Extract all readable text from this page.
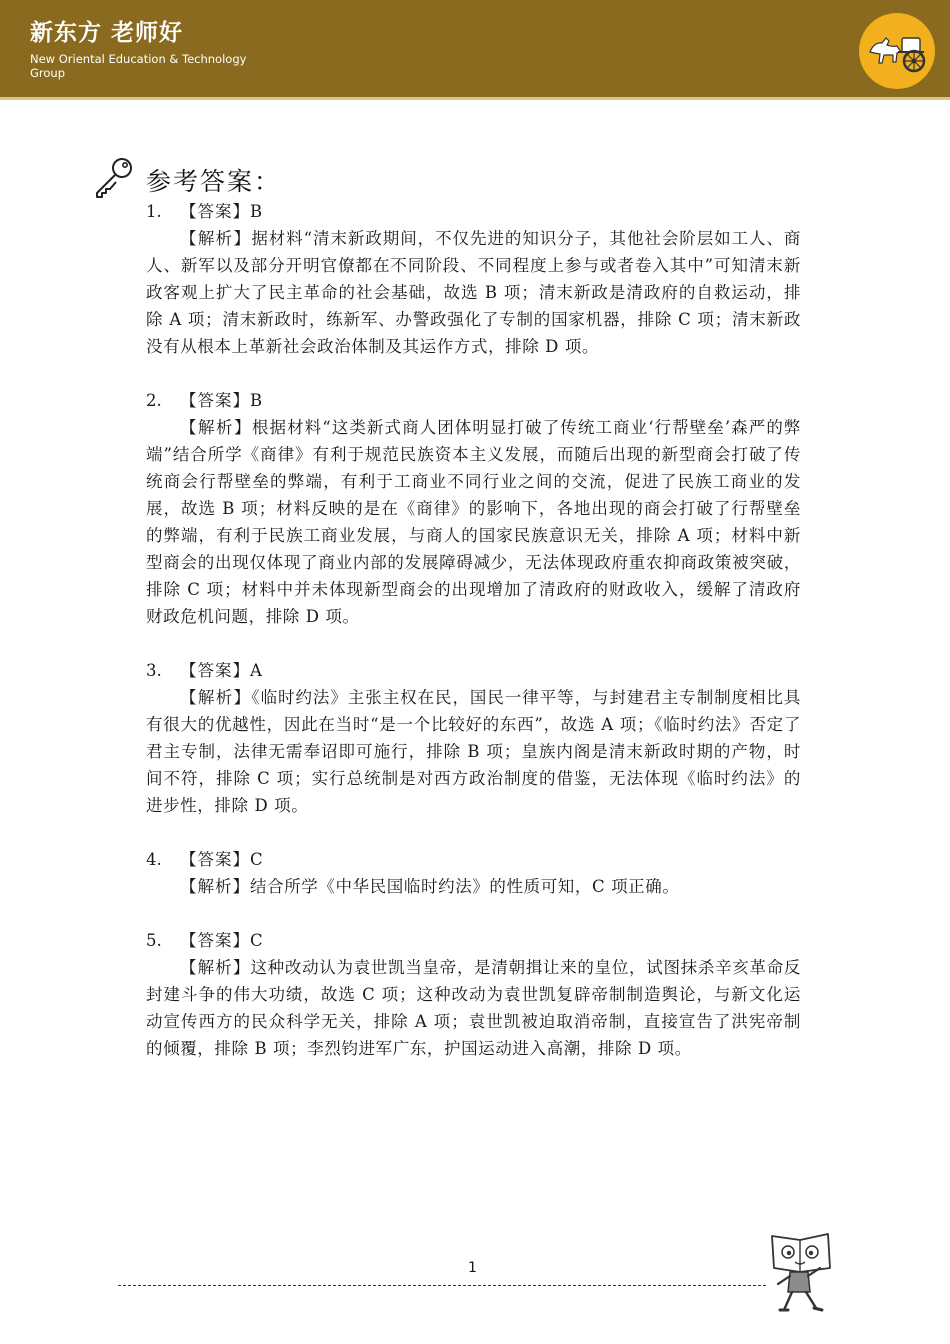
新东方 老师好
New Oriental Education & Technology Group
参考答案：
1. 【答案】B
【解析】据材料“清末新政期间，不仅先进的知识分子，其他社会阶层如工人、商人、新军以及部分开明官僚都在不同阶段、不同程度上参与或者卷入其中”可知清末新政客观上扩大了民主革命的社会基础，故选 B 项；清末新政是清政府的自救运动，排除 A 项；清末新政时，练新军、办警政强化了专制的国家机器，排除 C 项；清末新政没有从根本上革新社会政治体制及其运作方式，排除 D 项。
2. 【答案】B
【解析】根据材料“这类新式商人团体明显打破了传统工商业‘行帮壁垒’森严的弊端”结合所学《商律》有利于规范民族资本主义发展，而随后出现的新型商会打破了传统商会行帮壁垒的弊端，有利于工商业不同行业之间的交流，促进了民族工商业的发展，故选 B 项；材料反映的是在《商律》的影响下，各地出现的商会打破了行帮壁垒的弊端，有利于民族工商业发展，与商人的国家民族意识无关，排除 A 项；材料中新型商会的出现仅体现了商业内部的发展障碍减少，无法体现政府重农抑商政策被突破，排除 C 项；材料中并未体现新型商会的出现增加了清政府的财政收入，缓解了清政府财政危机问题，排除 D 项。
3. 【答案】A
【解析】《临时约法》主张主权在民，国民一律平等，与封建君主专制制度相比具有很大的优越性，因此在当时“是一个比较好的东西”，故选 A 项；《临时约法》否定了君主专制，法律无需奉诏即可施行，排除 B 项；皇族内阁是清末新政时期的产物，时间不符，排除 C 项；实行总统制是对西方政治制度的借鉴，无法体现《临时约法》的进步性，排除 D 项。
4. 【答案】C
【解析】结合所学《中华民国临时约法》的性质可知，C 项正确。
5. 【答案】C
【解析】这种改动认为袁世凯当皇帝，是清朝揖让来的皇位，试图抹杀辛亥革命反封建斗争的伟大功绩，故选 C 项；这种改动为袁世凯复辟帝制制造舆论，与新文化运动宣传西方的民众科学无关，排除 A 项；袁世凯被迫取消帝制，直接宣告了洪宪帝制的倾覆，排除 B 项；李烈钧进军广东，护国运动进入高潮，排除 D 项。
1
